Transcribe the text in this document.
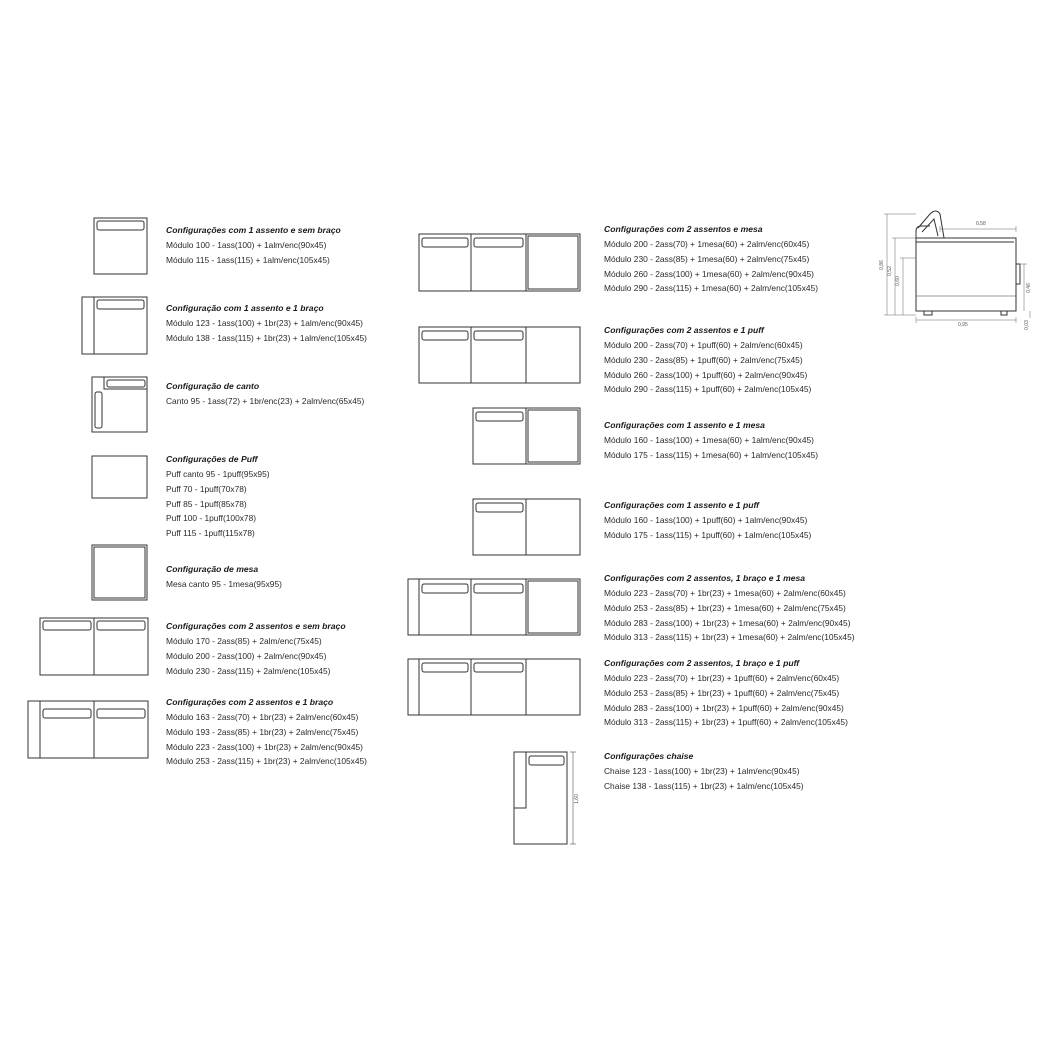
Configurações com 1 assento e sem braço
Módulo 100 - 1ass(100) + 1alm/enc(90x45)
Módulo 115 - 1ass(115) + 1alm/enc(105x45)
Configuração com 1 assento e 1 braço
Módulo 123 - 1ass(100) + 1br(23) + 1alm/enc(90x45)
Módulo 138 - 1ass(115) + 1br(23) + 1alm/enc(105x45)
Configuração de canto
Canto 95 - 1ass(72) + 1br/enc(23) + 2alm/enc(65x45)
Configurações de Puff
Puff canto 95 - 1puff(95x95)
Puff 70 - 1puff(70x78)
Puff 85 - 1puff(85x78)
Puff 100 - 1puff(100x78)
Puff 115 - 1puff(115x78)
Configuração de mesa
Mesa canto 95 - 1mesa(95x95)
Configurações com 2 assentos e sem braço
Módulo 170 - 2ass(85) + 2alm/enc(75x45)
Módulo 200 - 2ass(100) + 2alm/enc(90x45)
Módulo 230 - 2ass(115) + 2alm/enc(105x45)
Configurações com 2 assentos e 1 braço
Módulo 163 - 2ass(70) + 1br(23) + 2alm/enc(60x45)
Módulo 193 - 2ass(85) + 1br(23) + 2alm/enc(75x45)
Módulo 223 - 2ass(100) + 1br(23) + 2alm/enc(90x45)
Módulo 253 - 2ass(115) + 1br(23) + 2alm/enc(105x45)
Configurações com 2 assentos e mesa
Módulo 200 - 2ass(70) + 1mesa(60) + 2alm/enc(60x45)
Módulo 230 - 2ass(85) + 1mesa(60) + 2alm/enc(75x45)
Módulo 260 - 2ass(100) + 1mesa(60) + 2alm/enc(90x45)
Módulo 290 - 2ass(115) + 1mesa(60) + 2alm/enc(105x45)
Configurações com 2 assentos e 1 puff
Módulo 200 - 2ass(70) + 1puff(60) + 2alm/enc(60x45)
Módulo 230 - 2ass(85) + 1puff(60) + 2alm/enc(75x45)
Módulo 260 - 2ass(100) + 1puff(60) + 2alm/enc(90x45)
Módulo 290 - 2ass(115) + 1puff(60) + 2alm/enc(105x45)
Configurações com 1 assento e 1 mesa
Módulo 160 - 1ass(100) + 1mesa(60) + 1alm/enc(90x45)
Módulo 175 - 1ass(115) + 1mesa(60) + 1alm/enc(105x45)
Configurações com 1 assento e 1 puff
Módulo 160 - 1ass(100) + 1puff(60) + 1alm/enc(90x45)
Módulo 175 - 1ass(115) + 1puff(60) + 1alm/enc(105x45)
Configurações com 2 assentos, 1 braço e 1 mesa
Módulo 223 - 2ass(70) + 1br(23) + 1mesa(60) + 2alm/enc(60x45)
Módulo 253 - 2ass(85) + 1br(23) + 1mesa(60) + 2alm/enc(75x45)
Módulo 283 - 2ass(100) + 1br(23) + 1mesa(60) + 2alm/enc(90x45)
Módulo 313 - 2ass(115) + 1br(23) + 1mesa(60) + 2alm/enc(105x45)
Configurações com 2 assentos, 1 braço e 1 puff
Módulo 223 - 2ass(70) + 1br(23) + 1puff(60) + 2alm/enc(60x45)
Módulo 253 - 2ass(85) + 1br(23) + 1puff(60) + 2alm/enc(75x45)
Módulo 283 - 2ass(100) + 1br(23) + 1puff(60) + 2alm/enc(90x45)
Módulo 313 - 2ass(115) + 1br(23) + 1puff(60) + 2alm/enc(105x45)
Configurações chaise
Chaise 123 - 1ass(100) + 1br(23) + 1alm/enc(90x45)
Chaise 138 - 1ass(115) + 1br(23) + 1alm/enc(105x45)
0,58
0,95
0,86
0,52
0,60
0,46
0,03
1,60
